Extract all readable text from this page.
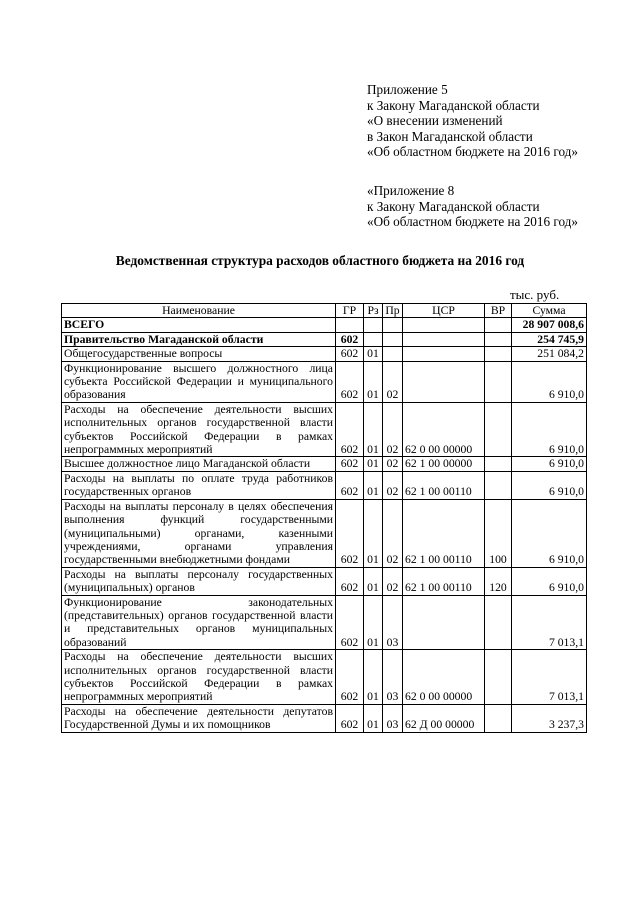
Приложение 5
к Закону Магаданской области
«О внесении изменений
в Закон Магаданской области
«Об областном бюджете на 2016 год»
«Приложение 8
к Закону Магаданской области
«Об областном бюджете на 2016 год»
Ведомственная структура расходов областного бюджета на 2016 год
тыс. руб.
Наименование	ГР	Рз	Пр	ЦСР	ВР	Сумма
ВСЕГО						28 907 008,6
Правительство Магаданской области	602					254 745,9
Общегосударственные вопросы	602	01				251 084,2
Функционирование высшего должностного лица субъекта Российской Федерации и муниципального образования	602	01	02			6 910,0
Расходы на обеспечение деятельности высших исполнительных органов государственной власти субъектов Российской Федерации в рамках непрограммных мероприятий	602	01	02	62 0 00 00000		6 910,0
Высшее должностное лицо Магаданской области	602	01	02	62 1 00 00000		6 910,0
Расходы на выплаты по оплате труда работников государственных органов	602	01	02	62 1 00 00110		6 910,0
Расходы на выплаты персоналу в целях обеспечения выполнения функций государственными (муниципальными) органами, казенными учреждениями, органами управления государственными внебюджетными фондами	602	01	02	62 1 00 00110	100	6 910,0
Расходы на выплаты персоналу государственных (муниципальных) органов	602	01	02	62 1 00 00110	120	6 910,0
Функционирование законодательных (представительных) органов государственной власти и представительных органов муниципальных образований	602	01	03			7 013,1
Расходы на обеспечение деятельности высших исполнительных органов государственной власти субъектов Российской Федерации в рамках непрограммных мероприятий	602	01	03	62 0 00 00000		7 013,1
Расходы на обеспечение деятельности депутатов Государственной Думы и их помощников	602	01	03	62 Д 00 00000		3 237,3
